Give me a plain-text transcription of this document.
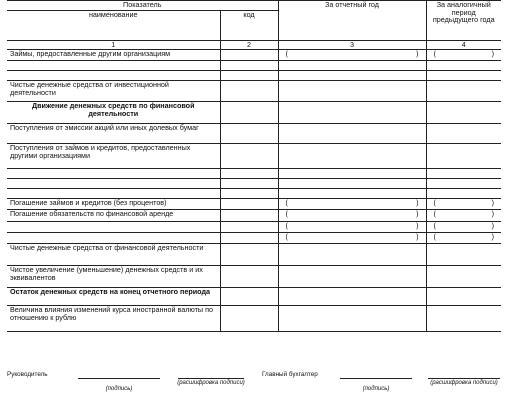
Показатель		За отчетный год	За аналогичный период предыдущего года
наименование	код		
1	2	3	4
Займы, предоставленные другим организациям		( )	( )

Чистые денежные средства от инвестиционной деятельности			
Движение денежных средств по финансовой деятельности			
Поступления от эмиссии акций или иных долевых бумаг			
Поступления от займов и кредитов, предоставленных другими организациями			

Погашение займов и кредитов (без процентов)		( )	( )

Погашение обязательств по финансовой аренде		( )	( )

		( )	( )

		( )	( )

Чистые денежные средства от финансовой деятельности			
Чистое увеличение (уменьшение) денежных средств и их эквивалентов			
Остаток денежных средств на конец отчетного периода			
Величина влияния изменений курса иностранной валюты по отношению к рублю			
Руководитель
(подпись)
(расшифровка подписи)
Главный бухгалтер
(подпись)
(расшифровка подписи)
